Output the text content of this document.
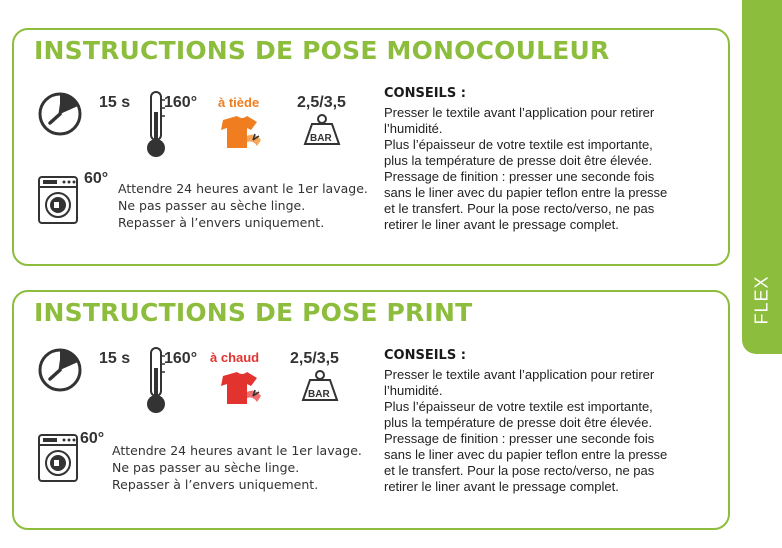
FLEX
INSTRUCTIONS DE POSE MONOCOULEUR
15 s 160° à tiède 2,5/3,5
BAR
60°
Attendre 24 heures avant le 1er lavage.
Ne pas passer au sèche linge.
Repasser à l’envers uniquement.
CONSEILS :
Presser le textile avant l’application pour retirer
l’humidité.
Plus l’épaisseur de votre textile est importante,
plus la température de presse doit être élevée.
Pressage de finition : presser une seconde fois
sans le liner avec du papier teflon entre la presse
et le transfert. Pour la pose recto/verso, ne pas
retirer le liner avant le pressage complet.
INSTRUCTIONS DE POSE PRINT
15 s 160° à chaud 2,5/3,5
BAR
60°
Attendre 24 heures avant le 1er lavage.
Ne pas passer au sèche linge.
Repasser à l’envers uniquement.
CONSEILS :
Presser le textile avant l’application pour retirer
l’humidité.
Plus l’épaisseur de votre textile est importante,
plus la température de presse doit être élevée.
Pressage de finition : presser une seconde fois
sans le liner avec du papier teflon entre la presse
et le transfert. Pour la pose recto/verso, ne pas
retirer le liner avant le pressage complet.
